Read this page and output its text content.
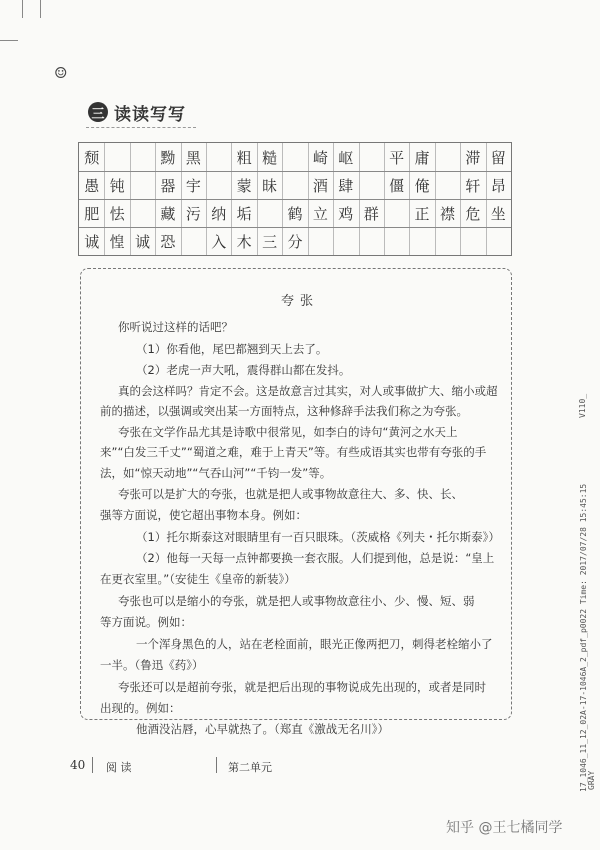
☺
三 读读写写
颓	黝 黑	粗 糙	崎 岖	平 庸	滞 留
愚 钝	器 宇	蒙 昧	酒 肆	僵 俺	轩 昂
肥 怯	藏 污 纳 垢	鹤 立 鸡 群	正 襟 危 坐
诚 惶 诚 恐	入 木 三 分
夸张
你听说过这样的话吧？
（1）你看他，尾巴都翘到天上去了。
（2）老虎一声大吼，震得群山都在发抖。
真的会这样吗？肯定不会。这是故意言过其实，对人或事做扩大、缩小或超
前的描述，以强调或突出某一方面特点，这种修辞手法我们称之为夸张。
夸张在文学作品尤其是诗歌中很常见，如李白的诗句“黄河之水天上
来”“白发三千丈”“蜀道之难，难于上青天”等。有些成语其实也带有夸张的手
法，如“惊天动地”“气吞山河”“千钧一发”等。
夸张可以是扩大的夸张，也就是把人或事物故意往大、多、快、长、
强等方面说，使它超出事物本身。例如：
（1）托尔斯泰这对眼睛里有一百只眼珠。（茨威格《列夫・托尔斯泰》）
（2）他每一天每一点钟都要换一套衣服。人们提到他，总是说：“皇上
在更衣室里。”（安徒生《皇帝的新装》）
夸张也可以是缩小的夸张，就是把人或事物故意往小、少、慢、短、弱
等方面说。例如：
一个浑身黑色的人，站在老栓面前，眼光正像两把刀，刺得老栓缩小了
一半。（鲁迅《药》）
夸张还可以是超前夸张，就是把后出现的事物说成先出现的，或者是同时
出现的。例如：
他酒没沾唇，心早就热了。（郑直《激战无名川》）
40 阅 读	第二单元
V110_
17_1046_11_12_02A-17-1046A_2_pdf_p0022 Time: 2017/07/28 15:45:15 GRAY
知乎 @王七橘同学
